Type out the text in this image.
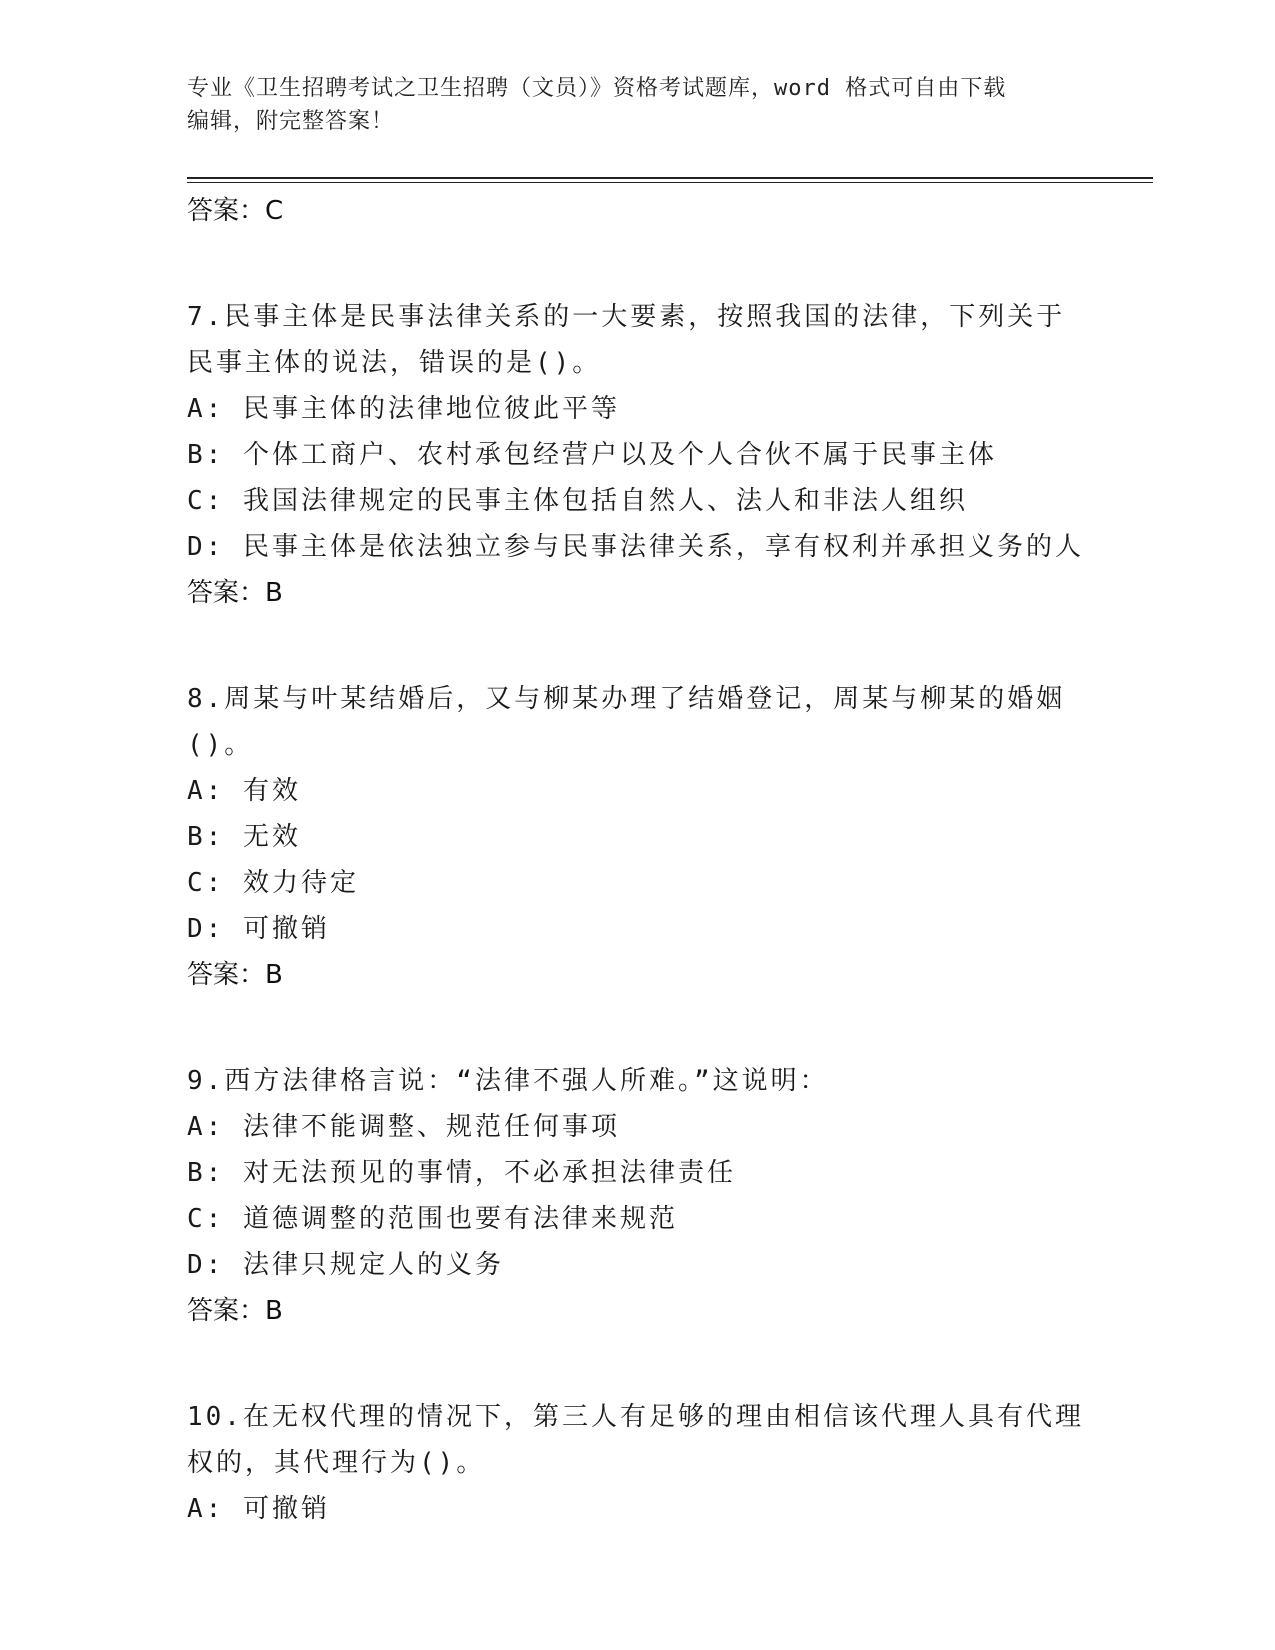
专业《卫生招聘考试之卫生招聘（文员）》资格考试题库，word 格式可自由下载
编辑，附完整答案！
答案：C
7.民事主体是民事法律关系的一大要素，按照我国的法律，下列关于
民事主体的说法，错误的是()。
A: 民事主体的法律地位彼此平等
B: 个体工商户、农村承包经营户以及个人合伙不属于民事主体
C: 我国法律规定的民事主体包括自然人、法人和非法人组织
D: 民事主体是依法独立参与民事法律关系，享有权利并承担义务的人
答案：B
8.周某与叶某结婚后，又与柳某办理了结婚登记，周某与柳某的婚姻
()。
A: 有效
B: 无效
C: 效力待定
D: 可撤销
答案：B
9.西方法律格言说：“法律不强人所难。”这说明：
A: 法律不能调整、规范任何事项
B: 对无法预见的事情，不必承担法律责任
C: 道德调整的范围也要有法律来规范
D: 法律只规定人的义务
答案：B
10.在无权代理的情况下，第三人有足够的理由相信该代理人具有代理
权的，其代理行为()。
A: 可撤销
